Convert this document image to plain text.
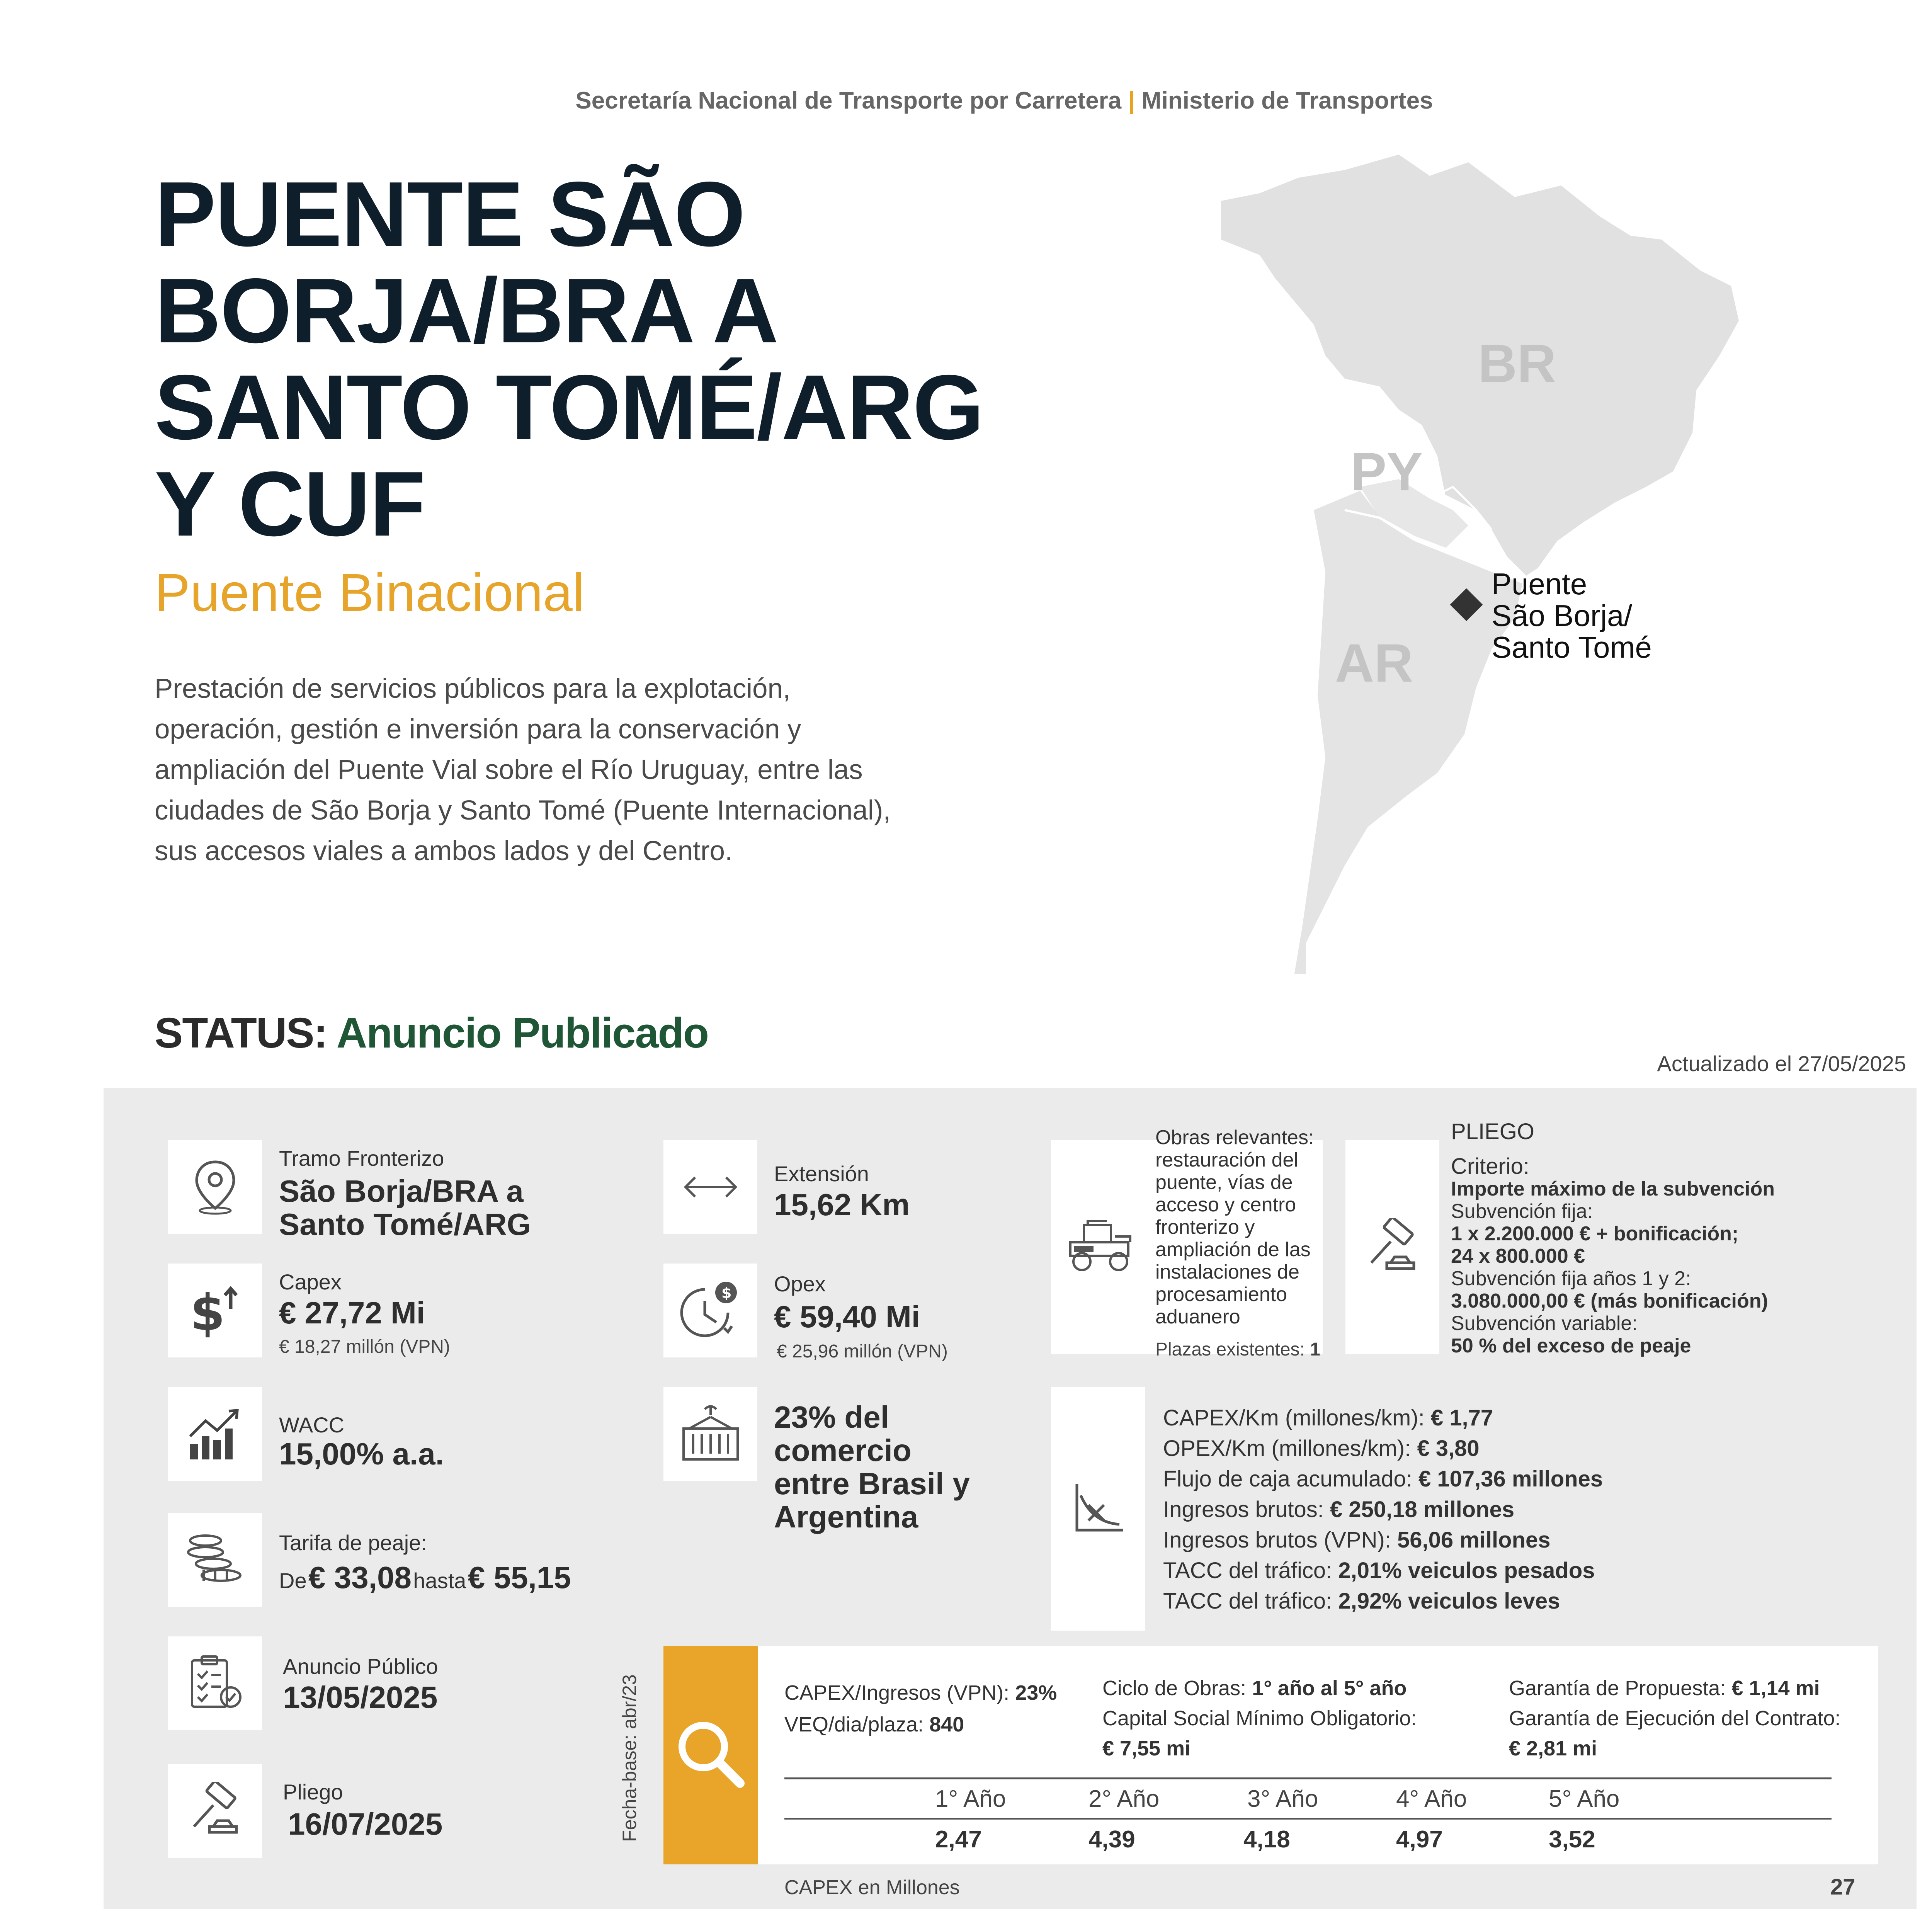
Secretaría Nacional de Transporte por Carretera | Ministerio de Transportes
PUENTE SÃO
BORJA/BRA A
SANTO TOMÉ/ARG
Y CUF
Puente Binacional
Prestación de servicios públicos para la explotación, operación, gestión e inversión para la conservación y ampliación del Puente Vial sobre el Río Uruguay, entre las ciudades de São Borja y Santo Tomé (Puente Internacional), sus accesos viales a ambos lados y del Centro.
BR
PY
AR
Puente
São Borja/
Santo Tomé
STATUS: Anuncio Publicado
Actualizado el 27/05/2025
Tramo Fronterizo
São Borja/BRA a
Santo Tomé/ARG
$
Capex
€ 27,72 Mi
€ 18,27 millón (VPN)
WACC
15,00% a.a.
Tarifa de peaje:
De € 33,08 hasta € 55,15
Anuncio Público
13/05/2025
Pliego
16/07/2025
Extensión
15,62 Km
$ Opex
€ 59,40 Mi
€ 25,96 millón (VPN)
23% del
comercio
entre Brasil y
Argentina
Obras relevantes:
restauración del
puente, vías de
acceso y centro
fronterizo y
ampliación de las
instalaciones de
procesamiento
aduanero
Plazas existentes: 1
PLIEGO
Criterio:
Importe máximo de la subvención
Subvención fija:
1 x 2.200.000 € + bonificación;
24 x 800.000 €
Subvención fija años 1 y 2:
3.080.000,00 € (más bonificación)
Subvención variable:
50 % del exceso de peaje
CAPEX/Km (millones/km): € 1,77
OPEX/Km (millones/km): € 3,80
Flujo de caja acumulado: € 107,36 millones
Ingresos brutos: € 250,18 millones
Ingresos brutos (VPN): 56,06 millones
TACC del tráfico: 2,01% veiculos pesados
TACC del tráfico: 2,92% veiculos leves
Fecha-base: abr/23	CAPEX/Ingresos (VPN): 23%
VEQ/dia/plaza: 840
Ciclo de Obras: 1° año al 5° año
Capital Social Mínimo Obligatorio:
€ 7,55 mi
Garantía de Propuesta: € 1,14 mi
Garantía de Ejecución del Contrato:
€ 2,81 mi
1° Año	2° Año	3° Año	4° Año	5° Año
2,47	4,39	4,18	4,97	3,52
CAPEX en Millones	27
